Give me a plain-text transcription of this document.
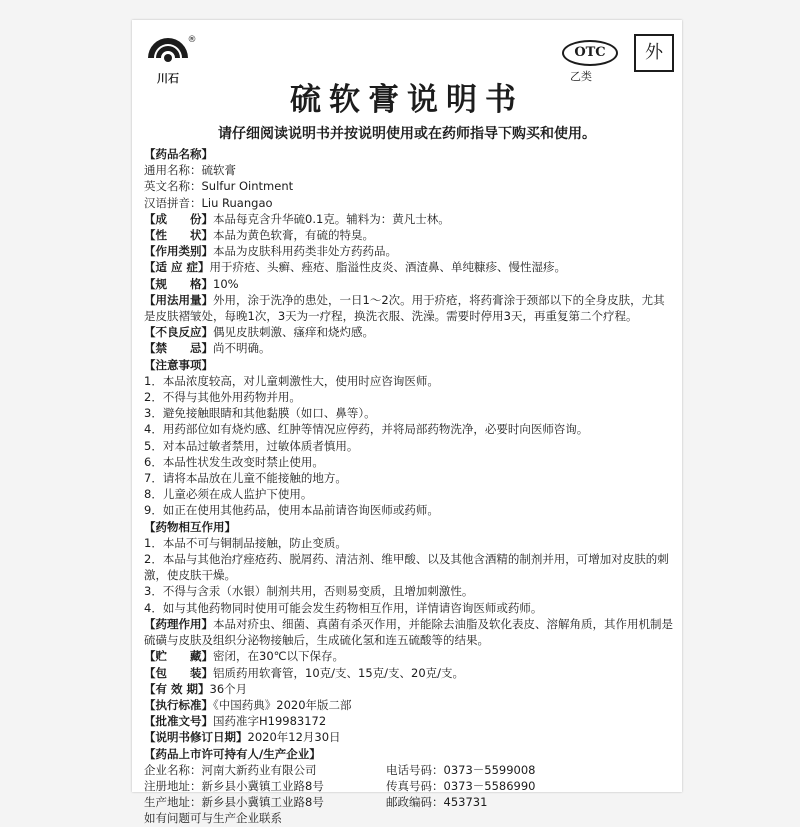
川石
®
OTC
乙类
外
硫软膏说明书
请仔细阅读说明书并按说明使用或在药师指导下购买和使用。
【药品名称】
通用名称：硫软膏
英文名称：Sulfur Ointment
汉语拼音：Liu Ruangao
【成　　份】本品每克含升华硫0.1克。辅料为：黄凡士林。
【性　　状】本品为黄色软膏，有硫的特臭。
【作用类别】本品为皮肤科用药类非处方药药品。
【适 应 症】用于疥疮、头癣、痤疮、脂溢性皮炎、酒渣鼻、单纯糠疹、慢性湿疹。
【规　　格】10%
【用法用量】外用，涂于洗净的患处，一日1～2次。用于疥疮，将药膏涂于颈部以下的全身皮肤，尤其是皮肤褶皱处，每晚1次，3天为一疗程，换洗衣服、洗澡。需要时停用3天，再重复第二个疗程。
【不良反应】偶见皮肤刺激、瘙痒和烧灼感。
【禁　　忌】尚不明确。
【注意事项】
1．本品浓度较高，对儿童刺激性大，使用时应咨询医师。
2．不得与其他外用药物并用。
3．避免接触眼睛和其他黏膜（如口、鼻等）。
4．用药部位如有烧灼感、红肿等情况应停药，并将局部药物洗净，必要时向医师咨询。
5．对本品过敏者禁用，过敏体质者慎用。
6．本品性状发生改变时禁止使用。
7．请将本品放在儿童不能接触的地方。
8．儿童必须在成人监护下使用。
9．如正在使用其他药品，使用本品前请咨询医师或药师。
【药物相互作用】
1．本品不可与铜制品接触，防止变质。
2．本品与其他治疗痤疮药、脱屑药、清洁剂、维甲酸、以及其他含酒精的制剂并用，可增加对皮肤的刺激，使皮肤干燥。
3．不得与含汞（水银）制剂共用，否则易变质，且增加刺激性。
4．如与其他药物同时使用可能会发生药物相互作用，详情请咨询医师或药师。
【药理作用】本品对疥虫、细菌、真菌有杀灭作用，并能除去油脂及软化表皮、溶解角质，其作用机制是硫磺与皮肤及组织分泌物接触后，生成硫化氢和连五硫酸等的结果。
【贮　　藏】密闭，在30℃以下保存。
【包　　装】铝质药用软膏管，10克/支、15克/支、20克/支。
【有 效 期】36个月
【执行标准】《中国药典》2020年版二部
【批准文号】国药准字H19983172
【说明书修订日期】2020年12月30日
【药品上市许可持有人/生产企业】
企业名称：河南大新药业有限公司	电话号码：0373－5599008
注册地址：新乡县小冀镇工业路8号	传真号码：0373－5586990
生产地址：新乡县小冀镇工业路8号	邮政编码：453731
如有问题可与生产企业联系
